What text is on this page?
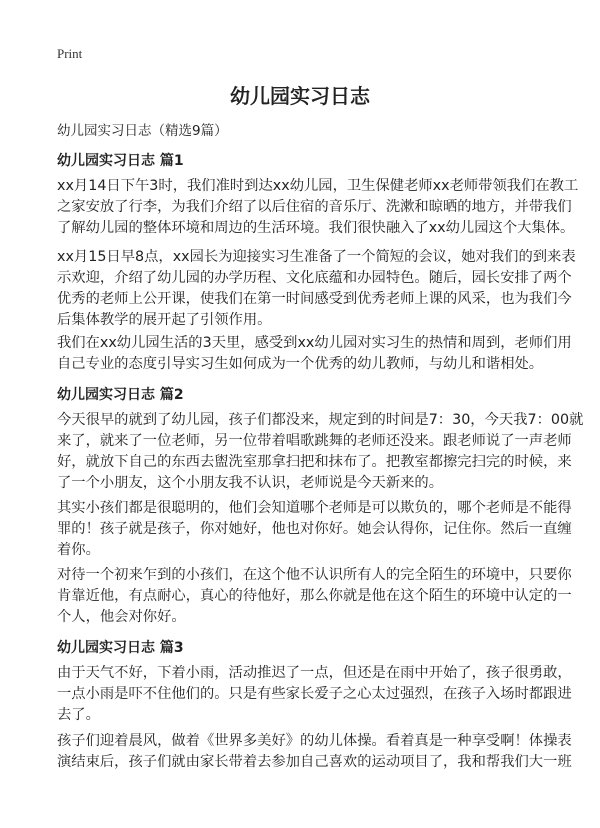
Print
幼儿园实习日志
幼儿园实习日志（精选9篇）
幼儿园实习日志 篇1
xx月14日下午3时，我们准时到达xx幼儿园，卫生保健老师xx老师带领我们在教工
之家安放了行李，为我们介绍了以后住宿的音乐厅、洗漱和晾晒的地方，并带我们
了解幼儿园的整体环境和周边的生活环境。我们很快融入了xx幼儿园这个大集体。
xx月15日早8点，xx园长为迎接实习生准备了一个简短的会议，她对我们的到来表
示欢迎，介绍了幼儿园的办学历程、文化底蕴和办园特色。随后，园长安排了两个
优秀的老师上公开课，使我们在第一时间感受到优秀老师上课的风采，也为我们今
后集体教学的展开起了引领作用。
我们在xx幼儿园生活的3天里，感受到xx幼儿园对实习生的热情和周到，老师们用
自己专业的态度引导实习生如何成为一个优秀的幼儿教师，与幼儿和谐相处。
幼儿园实习日志 篇2
今天很早的就到了幼儿园，孩子们都没来，规定到的时间是7：30，今天我7：00就
来了，就来了一位老师，另一位带着唱歌跳舞的老师还没来。跟老师说了一声老师
好，就放下自己的东西去盥洗室那拿扫把和抹布了。把教室都擦完扫完的时候，来
了一个小朋友，这个小朋友我不认识，老师说是今天新来的。
其实小孩们都是很聪明的，他们会知道哪个老师是可以欺负的，哪个老师是不能得
罪的！孩子就是孩子，你对她好，他也对你好。她会认得你，记住你。然后一直缠
着你。
对待一个初来乍到的小孩们，在这个他不认识所有人的完全陌生的环境中，只要你
肯靠近他，有点耐心，真心的待他好，那么你就是他在这个陌生的环境中认定的一
个人，他会对你好。
幼儿园实习日志 篇3
由于天气不好，下着小雨，活动推迟了一点，但还是在雨中开始了，孩子很勇敢，
一点小雨是吓不住他们的。只是有些家长爱子之心太过强烈，在孩子入场时都跟进
去了。
孩子们迎着晨风，做着《世界多美好》的幼儿体操。看着真是一种享受啊！体操表
演结束后，孩子们就由家长带着去参加自己喜欢的运动项目了，我和帮我们大一班
